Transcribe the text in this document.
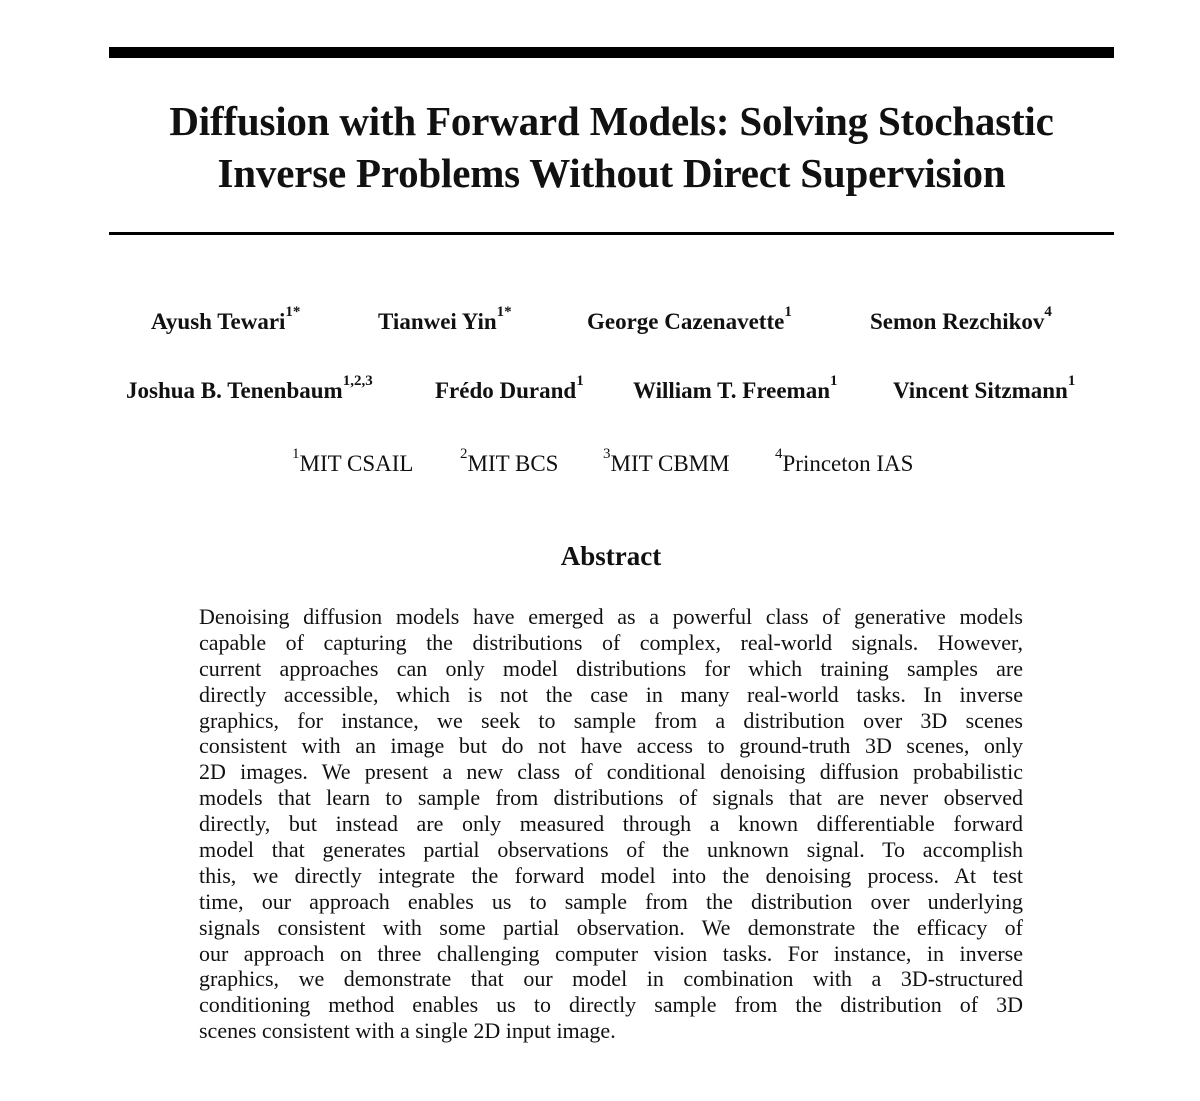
Diffusion with Forward Models: Solving Stochastic
Inverse Problems Without Direct Supervision
Ayush Tewari$^{1*}$	Tianwei Yin$^{1*}$	George Cazenavette$^1$	Semon Rezchikov$^4$
Joshua B. Tenenbaum$^{1,2,3}$	Frédo Durand$^1$ William T. Freeman$^1$ Vincent Sitzmann$^1$
$^1$MIT CSAIL	$^2$MIT BCS	$^3$MIT CBMM	$^4$Princeton IAS
Abstract
Denoising diffusion models have emerged as a powerful class of generative models
capable of capturing the distributions of complex, real-world signals. However,
current approaches can only model distributions for which training samples are
directly accessible, which is not the case in many real-world tasks. In inverse
graphics, for instance, we seek to sample from a distribution over 3D scenes
consistent with an image but do not have access to ground-truth 3D scenes, only
2D images. We present a new class of conditional denoising diffusion probabilistic
models that learn to sample from distributions of signals that are never observed
directly, but instead are only measured through a known differentiable forward
model that generates partial observations of the unknown signal. To accomplish
this, we directly integrate the forward model into the denoising process. At test
time, our approach enables us to sample from the distribution over underlying
signals consistent with some partial observation. We demonstrate the efficacy of
our approach on three challenging computer vision tasks. For instance, in inverse
graphics, we demonstrate that our model in combination with a 3D-structured
conditioning method enables us to directly sample from the distribution of 3D
scenes consistent with a single 2D input image.
